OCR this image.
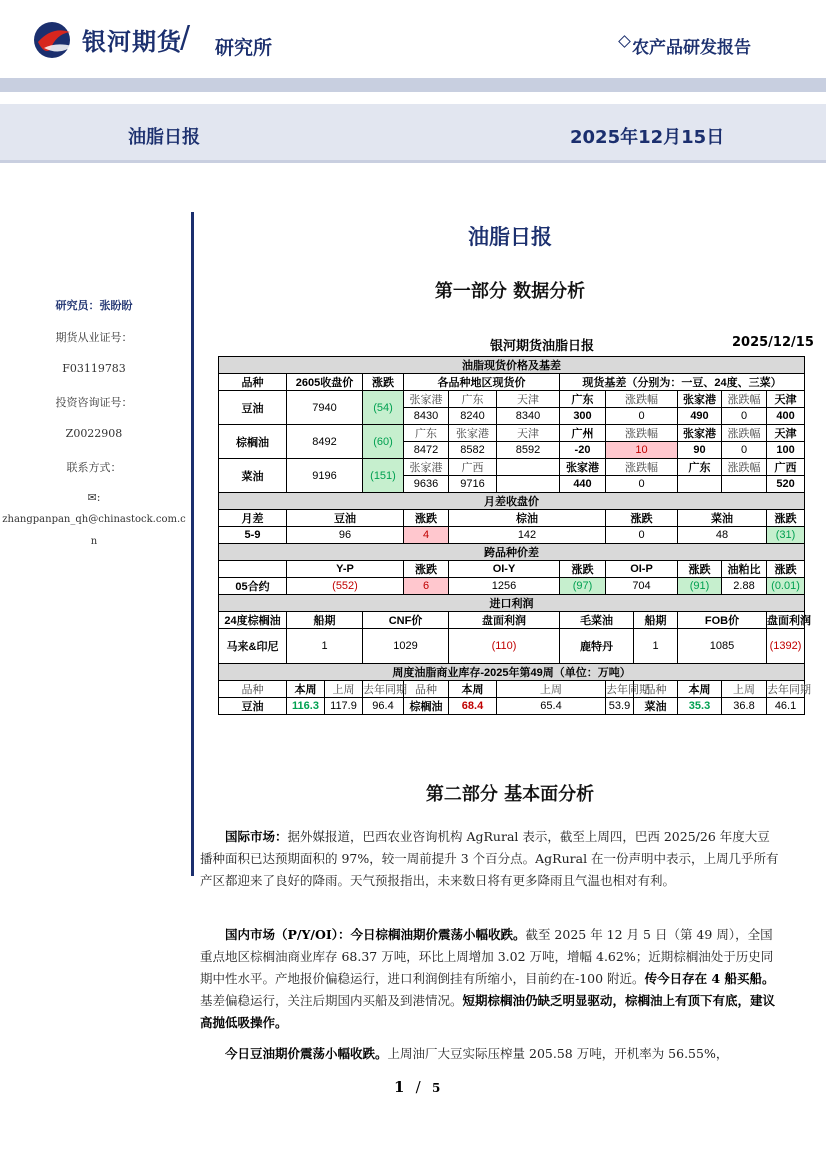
银河期货
/ 研究所	农产品研发报告
油脂日报	2025年12月15日
研究员：张盼盼
期货从业证号：
F03119783
投资咨询证号：
Z0022908
联系方式：
✉:
zhangpanpan_qh@chinastock.com.c
n
油脂日报
第一部分 数据分析
银河期货油脂日报	2025/12/15
油脂现货价格及基差												
品种	2605收盘价		涨跌	各品种地区现货价			现货基差（分别为：一豆、24度、三菜）					
豆油	7940		(54)	张家港	广东	天津	广东	涨跌幅		张家港	涨跌幅	天津
				8430	8240	8340	300	0		490	0	400
棕榈油	8492		(60)	广东	张家港	天津	广州	涨跌幅		张家港	涨跌幅	天津
				8472	8582	8592	-20	10		90	0	100
菜油	9196		(151)	张家港	广西		张家港	涨跌幅		广东	涨跌幅	广西
				9636	9716		440	0				520
月差收盘价												
月差	豆油			涨跌	棕油			涨跌		菜油		涨跌
5-9	96			4	142			0		48		(31)
跨品种价差												
	Y-P			涨跌	OI-Y		涨跌	OI-P		涨跌	油粕比	涨跌
05合约	(552)			6	1256		(97)	704		(91)	2.88	(0.01)
进口利润												
24度棕榈油	船期		CNF价		盘面利润		毛菜油		船期	FOB价		盘面利润
马来&印尼	1		1029		(110)		鹿特丹		1	1085		(1392)
周度油脂商业库存-2025年第49周（单位：万吨）												
品种	本周	上周	去年同期	品种	本周	上周		去年同期	品种	本周	上周	去年同期
豆油	116.3	117.9	96.4	棕榈油	68.4	65.4		53.9	菜油	35.3	36.8	46.1
第二部分 基本面分析

国际市场：据外媒报道，巴西农业咨询机构 AgRural 表示，截至上周四，巴西 2025/26 年度大豆播种面积已达预期面积的 97%，较一周前提升 3 个百分点。AgRural 在一份声明中表示，上周几乎所有产区都迎来了良好的降雨。天气预报指出，未来数日将有更多降雨且气温也相对有利。

国内市场（P/Y/OI）：今日棕榈油期价震荡小幅收跌。截至 2025 年 12 月 5 日（第 49 周），全国重点地区棕榈油商业库存 68.37 万吨，环比上周增加 3.02 万吨，增幅 4.62%；近期棕榈油处于历史同期中性水平。产地报价偏稳运行，进口利润倒挂有所缩小，目前约在-100 附近。传今日存在 4 船买船。基差偏稳运行，关注后期国内买船及到港情况。短期棕榈油仍缺乏明显驱动，棕榈油上有顶下有底，建议高抛低吸操作。

今日豆油期价震荡小幅收跌。上周油厂大豆实际压榨量 205.58 万吨，开机率为 56.55%，

1 / 5
